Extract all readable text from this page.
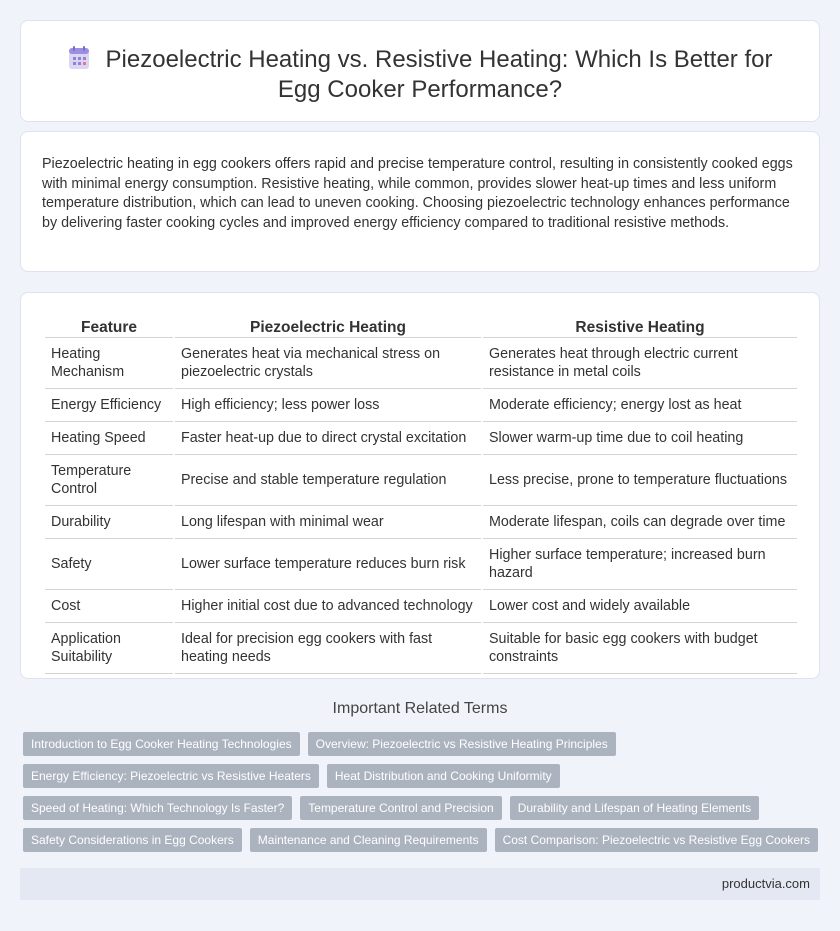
Piezoelectric Heating vs. Resistive Heating: Which Is Better for
Egg Cooker Performance?

Piezoelectric heating in egg cookers offers rapid and precise temperature control, resulting in consistently cooked eggs with minimal energy consumption. Resistive heating, while common, provides slower heat-up times and less uniform temperature distribution, which can lead to uneven cooking. Choosing piezoelectric technology enhances performance by delivering faster cooking cycles and improved energy efficiency compared to traditional resistive methods.

Feature	Piezoelectric Heating	Resistive Heating
Heating Mechanism	Generates heat via mechanical stress on piezoelectric crystals	Generates heat through electric current resistance in metal coils
Energy Efficiency	High efficiency; less power loss	Moderate efficiency; energy lost as heat
Heating Speed	Faster heat-up due to direct crystal excitation	Slower warm-up time due to coil heating
Temperature Control	Precise and stable temperature regulation	Less precise, prone to temperature fluctuations
Durability	Long lifespan with minimal wear	Moderate lifespan, coils can degrade over time
Safety	Lower surface temperature reduces burn risk	Higher surface temperature; increased burn hazard
Cost	Higher initial cost due to advanced technology	Lower cost and widely available
Application Suitability	Ideal for precision egg cookers with fast heating needs	Suitable for basic egg cookers with budget constraints
Important Related Terms
Introduction to Egg Cooker Heating Technologies	Overview: Piezoelectric vs Resistive Heating Principles
Energy Efficiency: Piezoelectric vs Resistive Heaters	Heat Distribution and Cooking Uniformity
Speed of Heating: Which Technology Is Faster?	Temperature Control and Precision	Durability and Lifespan of Heating Elements
Safety Considerations in Egg Cookers	Maintenance and Cleaning Requirements	Cost Comparison: Piezoelectric vs Resistive Egg Cookers
productvia.com
